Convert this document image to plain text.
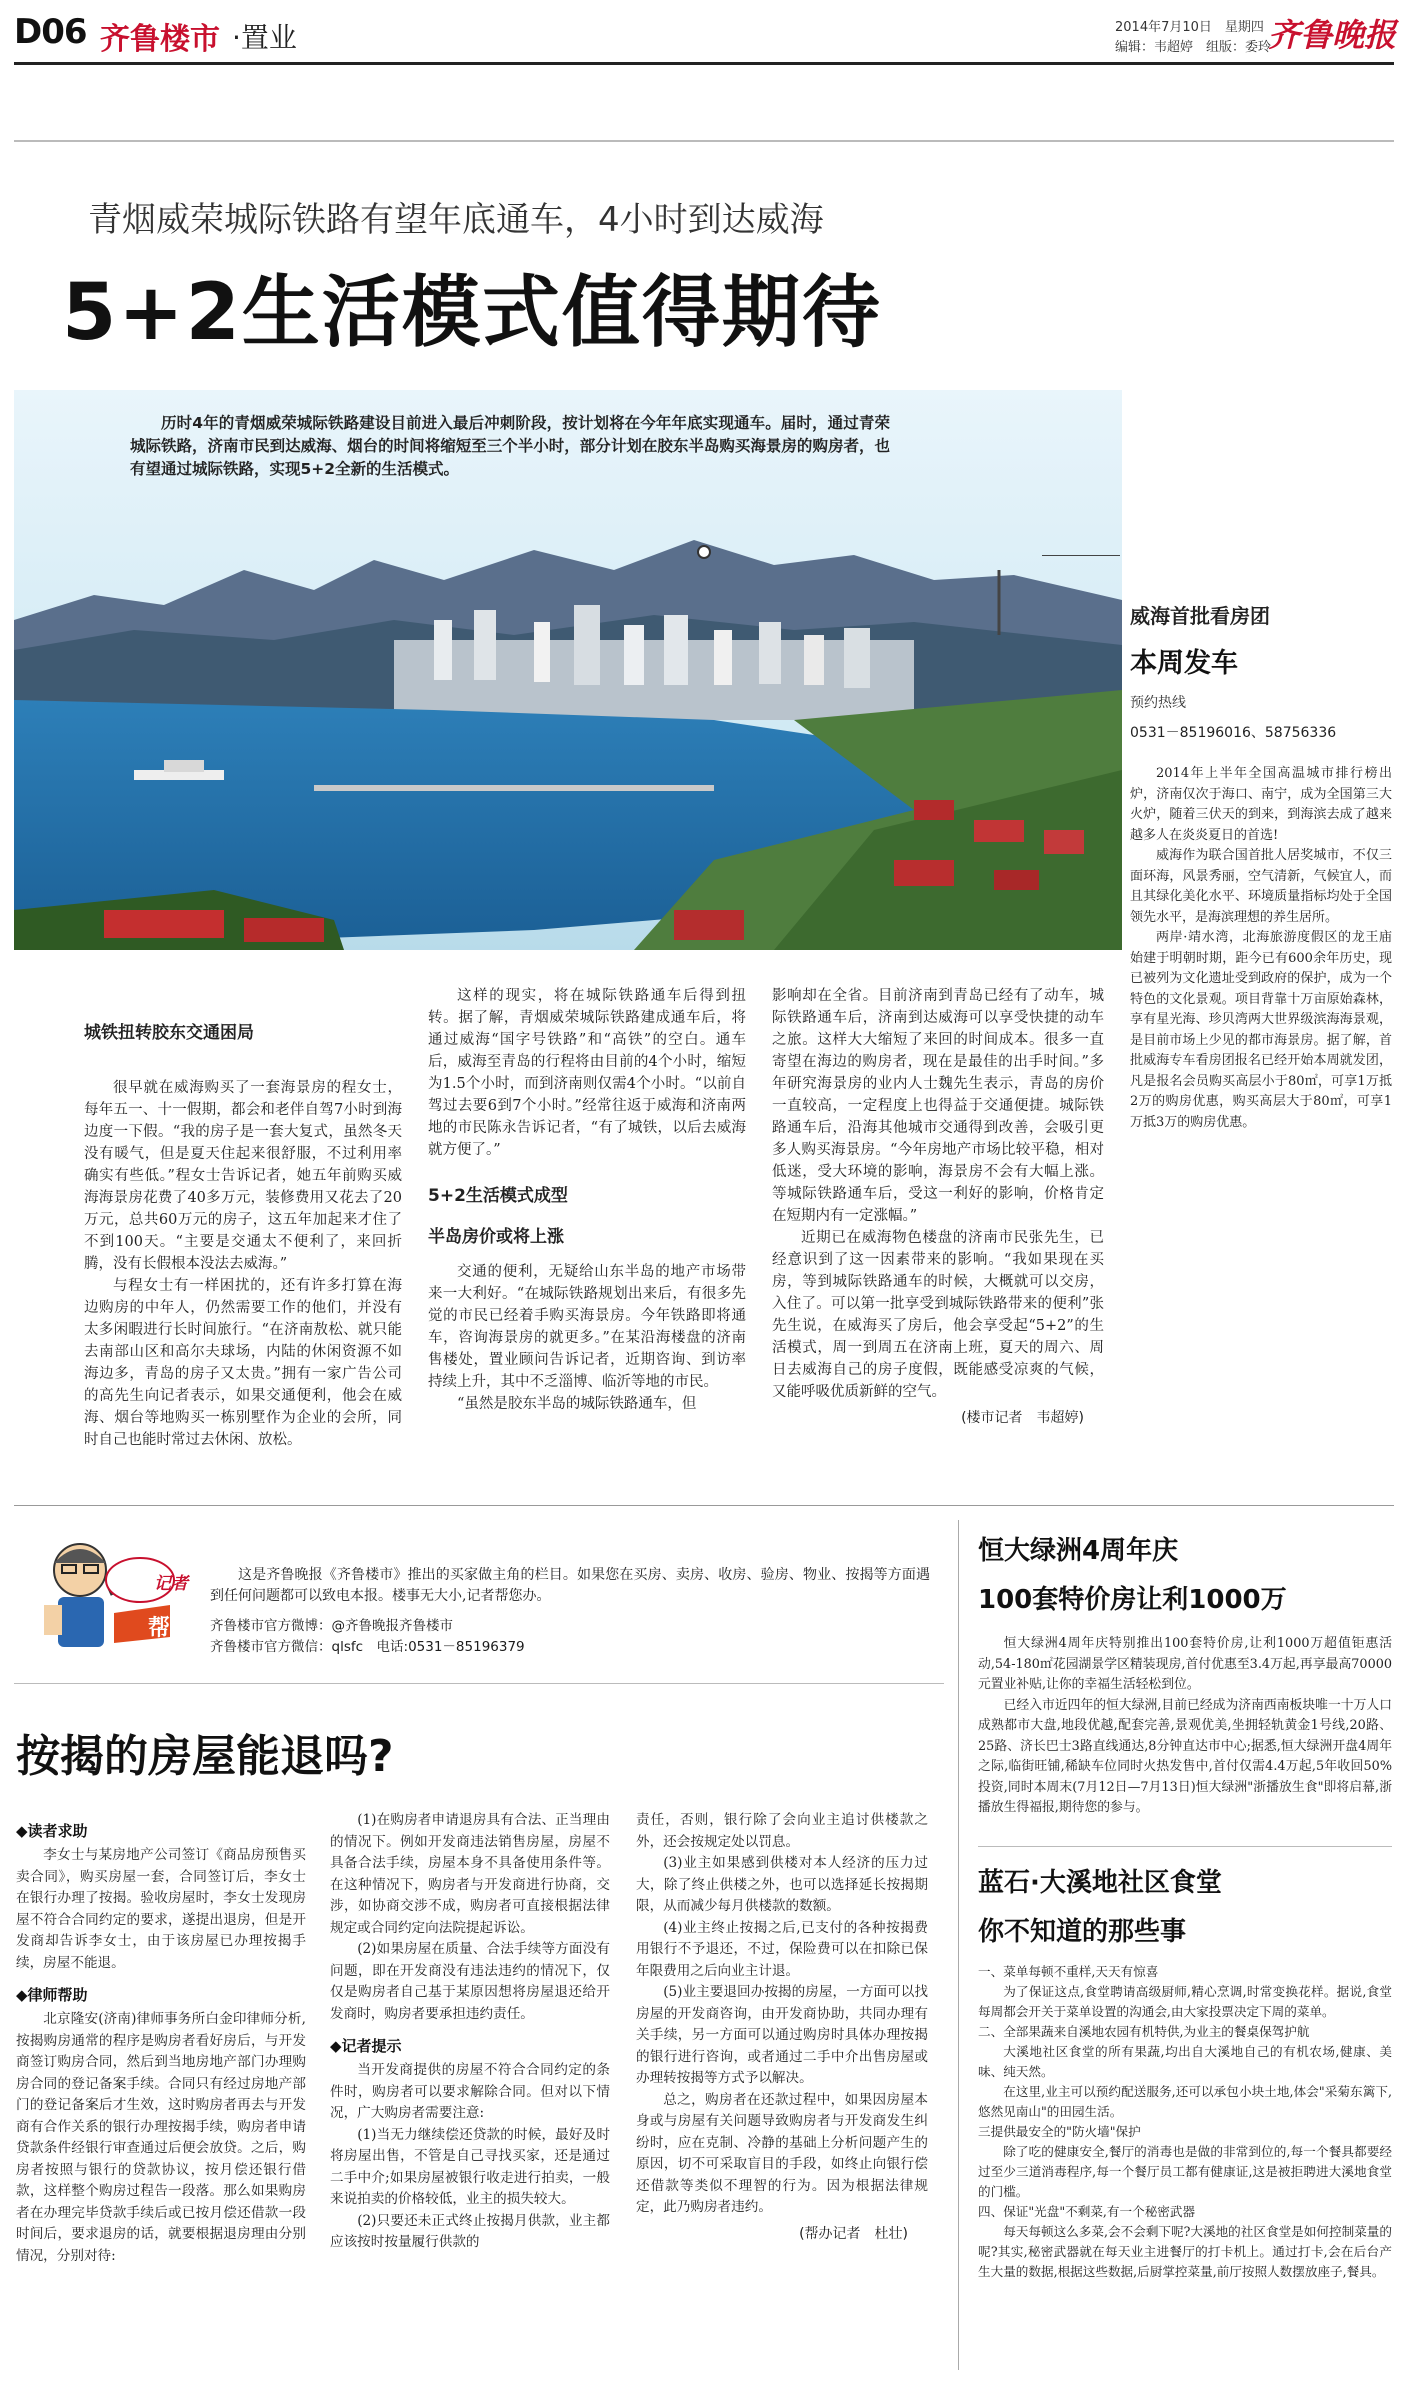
D06 齐鲁楼市 ·置业	2014年7月10日　星期四
编辑：韦超婷　组版：委玲
齐鲁晚报
青烟威荣城际铁路有望年底通车，4小时到达威海
5+2生活模式值得期待
历时4年的青烟威荣城际铁路建设目前进入最后冲刺阶段，按计划将在今年年底实现通车。届时，通过青荣城际铁路，济南市民到达威海、烟台的时间将缩短至三个半小时，部分计划在胶东半岛购买海景房的购房者，也有望通过城际铁路，实现5+2全新的生活模式。
威海首批看房团
本周发车
预约热线
0531－85196016、58756336

2014年上半年全国高温城市排行榜出炉，济南仅次于海口、南宁，成为全国第三大火炉，随着三伏天的到来，到海滨去成了越来越多人在炎炎夏日的首选!

威海作为联合国首批人居奖城市，不仅三面环海，风景秀丽，空气清新，气候宜人，而且其绿化美化水平、环境质量指标均处于全国领先水平，是海滨理想的养生居所。

两岸·靖水湾，北海旅游度假区的龙王庙始建于明朝时期，距今已有600余年历史，现已被列为文化遗址受到政府的保护，成为一个特色的文化景观。项目背靠十万亩原始森林，享有星光海、珍贝湾两大世界级滨海海景观，是目前市场上少见的都市海景房。据了解，首批威海专车看房团报名已经开始本周就发团，凡是报名会员购买高层小于80㎡，可享1万抵2万的购房优惠，购买高层大于80㎡，可享1万抵3万的购房优惠。

城铁扭转胶东交通困局

很早就在威海购买了一套海景房的程女士，每年五一、十一假期，都会和老伴自驾7小时到海边度一下假。“我的房子是一套大复式，虽然冬天没有暖气，但是夏天住起来很舒服，不过利用率确实有些低。”程女士告诉记者，她五年前购买威海海景房花费了40多万元，装修费用又花去了20万元，总共60万元的房子，这五年加起来才住了不到100天。“主要是交通太不便利了，来回折腾，没有长假根本没法去威海。”

与程女士有一样困扰的，还有许多打算在海边购房的中年人，仍然需要工作的他们，并没有太多闲暇进行长时间旅行。“在济南敖松、就只能去南部山区和高尔夫球场，内陆的休闲资源不如海边多，青岛的房子又太贵。”拥有一家广告公司的高先生向记者表示，如果交通便利，他会在威海、烟台等地购买一栋别墅作为企业的会所，同时自己也能时常过去休闲、放松。

这样的现实，将在城际铁路通车后得到扭转。据了解，青烟威荣城际铁路建成通车后，将通过威海“国字号铁路”和“高铁”的空白。通车后，威海至青岛的行程将由目前的4个小时，缩短为1.5个小时，而到济南则仅需4个小时。“以前自驾过去要6到7个小时。”经常往返于威海和济南两地的市民陈永告诉记者，“有了城铁，以后去威海就方便了。”

5+2生活模式成型
半岛房价或将上涨

交通的便利，无疑给山东半岛的地产市场带来一大利好。“在城际铁路规划出来后，有很多先觉的市民已经着手购买海景房。今年铁路即将通车，咨询海景房的就更多。”在某沿海楼盘的济南售楼处，置业顾问告诉记者，近期咨询、到访率持续上升，其中不乏淄博、临沂等地的市民。

“虽然是胶东半岛的城际铁路通车，但

影响却在全省。目前济南到青岛已经有了动车，城际铁路通车后，济南到达威海可以享受快捷的动车之旅。这样大大缩短了来回的时间成本。很多一直寄望在海边的购房者，现在是最佳的出手时间。”多年研究海景房的业内人士魏先生表示，青岛的房价一直较高，一定程度上也得益于交通便捷。城际铁路通车后，沿海其他城市交通得到改善，会吸引更多人购买海景房。“今年房地产市场比较平稳，相对低迷，受大环境的影响，海景房不会有大幅上涨。等城际铁路通车后，受这一利好的影响，价格肯定在短期内有一定涨幅。”

近期已在威海物色楼盘的济南市民张先生，已经意识到了这一因素带来的影响。“我如果现在买房，等到城际铁路通车的时候，大概就可以交房，入住了。可以第一批享受到城际铁路带来的便利”张先生说，在威海买了房后，他会享受起“5+2”的生活模式，周一到周五在济南上班，夏天的周六、周日去威海自己的房子度假，既能感受凉爽的气候，又能呼吸优质新鲜的空气。

(楼市记者　韦超婷)
记者
帮办
这是齐鲁晚报《齐鲁楼市》推出的买家做主角的栏目。如果您在买房、卖房、收房、验房、物业、按揭等方面遇到任何问题都可以致电本报。楼事无大小,记者帮您办。
齐鲁楼市官方微博：@齐鲁晚报齐鲁楼市
齐鲁楼市官方微信：qlsfc　电话:0531－85196379
按揭的房屋能退吗?
◆读者求助
李女士与某房地产公司签订《商品房预售买卖合同》，购买房屋一套，合同签订后，李女士在银行办理了按揭。验收房屋时，李女士发现房屋不符合合同约定的要求，遂提出退房，但是开发商却告诉李女士，由于该房屋已办理按揭手续，房屋不能退。
◆律师帮助
北京隆安(济南)律师事务所白金印律师分析,按揭购房通常的程序是购房者看好房后，与开发商签订购房合同，然后到当地房地产部门办理购房合同的登记备案手续。合同只有经过房地产部门的登记备案后才生效，这时购房者再去与开发商有合作关系的银行办理按揭手续，购房者申请贷款条件经银行审查通过后便会放贷。之后，购房者按照与银行的贷款协议，按月偿还银行借款，这样整个购房过程告一段落。那么如果购房者在办理完毕贷款手续后或已按月偿还借款一段时间后，要求退房的话，就要根据退房理由分别情况，分别对待:
(1)在购房者申请退房具有合法、正当理由的情况下。例如开发商违法销售房屋，房屋不具备合法手续，房屋本身不具备使用条件等。在这种情况下，购房者与开发商进行协商，交涉，如协商交涉不成，购房者可直接根据法律规定或合同约定向法院提起诉讼。
(2)如果房屋在质量、合法手续等方面没有问题，即在开发商没有违法违约的情况下，仅仅是购房者自己基于某原因想将房屋退还给开发商时，购房者要承担违约责任。
◆记者提示
当开发商提供的房屋不符合合同约定的条件时，购房者可以要求解除合同。但对以下情况，广大购房者需要注意:
(1)当无力继续偿还贷款的时候，最好及时将房屋出售，不管是自己寻找买家，还是通过二手中介;如果房屋被银行收走进行拍卖，一般来说拍卖的价格较低，业主的损失较大。
(2)只要还未正式终止按揭月供款，业主都应该按时按量履行供款的
责任，否则，银行除了会向业主追讨供楼款之外，还会按规定处以罚息。
(3)业主如果感到供楼对本人经济的压力过大，除了终止供楼之外，也可以选择延长按揭期限，从而减少每月供楼款的数额。
(4)业主终止按揭之后,已支付的各种按揭费用银行不予退还，不过，保险费可以在扣除已保年限费用之后向业主计退。
(5)业主要退回办按揭的房屋，一方面可以找房屋的开发商咨询，由开发商协助，共同办理有关手续，另一方面可以通过购房时具体办理按揭的银行进行咨询，或者通过二手中介出售房屋或办理转按揭等方式予以解决。
总之，购房者在还款过程中，如果因房屋本身或与房屋有关问题导致购房者与开发商发生纠纷时，应在克制、冷静的基础上分析问题产生的原因，切不可采取盲目的手段，如终止向银行偿还借款等类似不理智的行为。因为根据法律规定，此乃购房者违约。
(帮办记者　杜壮)
恒大绿洲4周年庆
100套特价房让利1000万

恒大绿洲4周年庆特别推出100套特价房,让利1000万超值钜惠活动,54-180㎡花园湖景学区精装现房,首付优惠至3.4万起,再享最高70000元置业补贴,让你的幸福生活轻松到位。

已经入市近四年的恒大绿洲,目前已经成为济南西南板块唯一十万人口成熟都市大盘,地段优越,配套完善,景观优美,坐拥轻轨黄金1号线,20路、25路、济长巴士3路直线通达,8分钟直达市中心;据悉,恒大绿洲开盘4周年之际,临街旺铺,稀缺车位同时火热发售中,首付仅需4.4万起,5年收回50%投资,同时本周末(7月12日—7月13日)恒大绿洲"浙播放生食"即将启幕,浙播放生得福报,期待您的参与。

蓝石·大溪地社区食堂
你不知道的那些事

一、菜单每顿不重样,天天有惊喜

为了保证这点,食堂聘请高级厨师,精心烹调,时常变换花样。据说,食堂每周都会开关于菜单设置的沟通会,由大家投票决定下周的菜单。

二、全部果蔬来自溪地农园有机特供,为业主的餐桌保驾护航

大溪地社区食堂的所有果蔬,均出自大溪地自己的有机农场,健康、美味、纯天然。

在这里,业主可以预约配送服务,还可以承包小块土地,体会"采菊东篱下,悠然见南山"的田园生活。

三提供最安全的"防火墙"保护

除了吃的健康安全,餐厅的消毒也是做的非常到位的,每一个餐具都要经过至少三道消毒程序,每一个餐厅员工都有健康证,这是被拒聘进大溪地食堂的门槛。

四、保证"光盘"不剩菜,有一个秘密武器

每天每顿这么多菜,会不会剩下呢?大溪地的社区食堂是如何控制菜量的呢?其实,秘密武器就在每天业主进餐厅的打卡机上。通过打卡,会在后台产生大量的数据,根据这些数据,后厨掌控菜量,前厅按照人数摆放座子,餐具。
